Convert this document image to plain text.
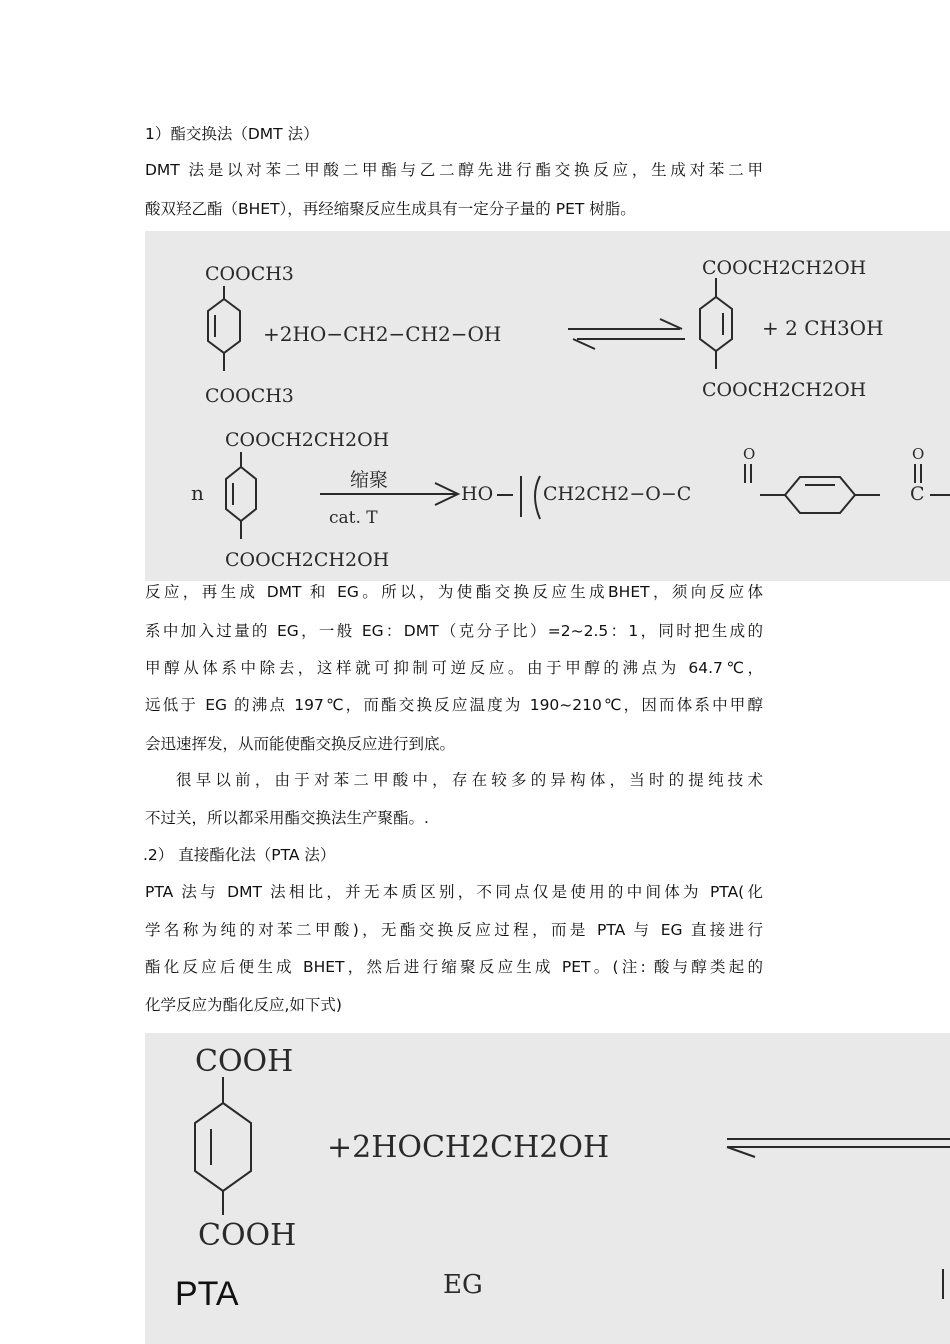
1）酯交换法（DMT 法）
DMT 法是以对苯二甲酸二甲酯与乙二醇先进行酯交换反应，生成对苯二甲
酸双羟乙酯（BHET），再经缩聚反应生成具有一定分子量的 PET 树脂。
COOCH3
COOCH3
+2HO−CH2−CH2−OH
COOCH2CH2OH
COOCH2CH2OH
+ 2 CH3OH
COOCH2CH2OH
n
COOCH2CH2OH
缩聚
cat. T
HO	CH2CH2−O−C
O	O
C
反应，再生成 DMT 和 EG。所以，为使酯交换反应生成BHET，须向反应体
系中加入过量的 EG，一般 EG：DMT（克分子比）=2~2.5：1，同时把生成的
甲醇从体系中除去，这样就可抑制可逆反应。由于甲醇的沸点为 64.7℃，
远低于 EG 的沸点 197℃，而酯交换反应温度为 190~210℃，因而体系中甲醇
会迅速挥发，从而能使酯交换反应进行到底。
很早以前，由于对苯二甲酸中，存在较多的异构体，当时的提纯技术
不过关，所以都采用酯交换法生产聚酯。.
.2） 直接酯化法（PTA 法）
PTA 法与 DMT 法相比，并无本质区别，不同点仅是使用的中间体为 PTA(化
学名称为纯的对苯二甲酸)，无酯交换反应过程，而是 PTA 与 EG 直接进行
酯化反应后便生成 BHET，然后进行缩聚反应生成 PET。(注: 酸与醇类起的
化学反应为酯化反应,如下式)
COOH
COOH
+2HOCH2CH2OH
PTA	EG
